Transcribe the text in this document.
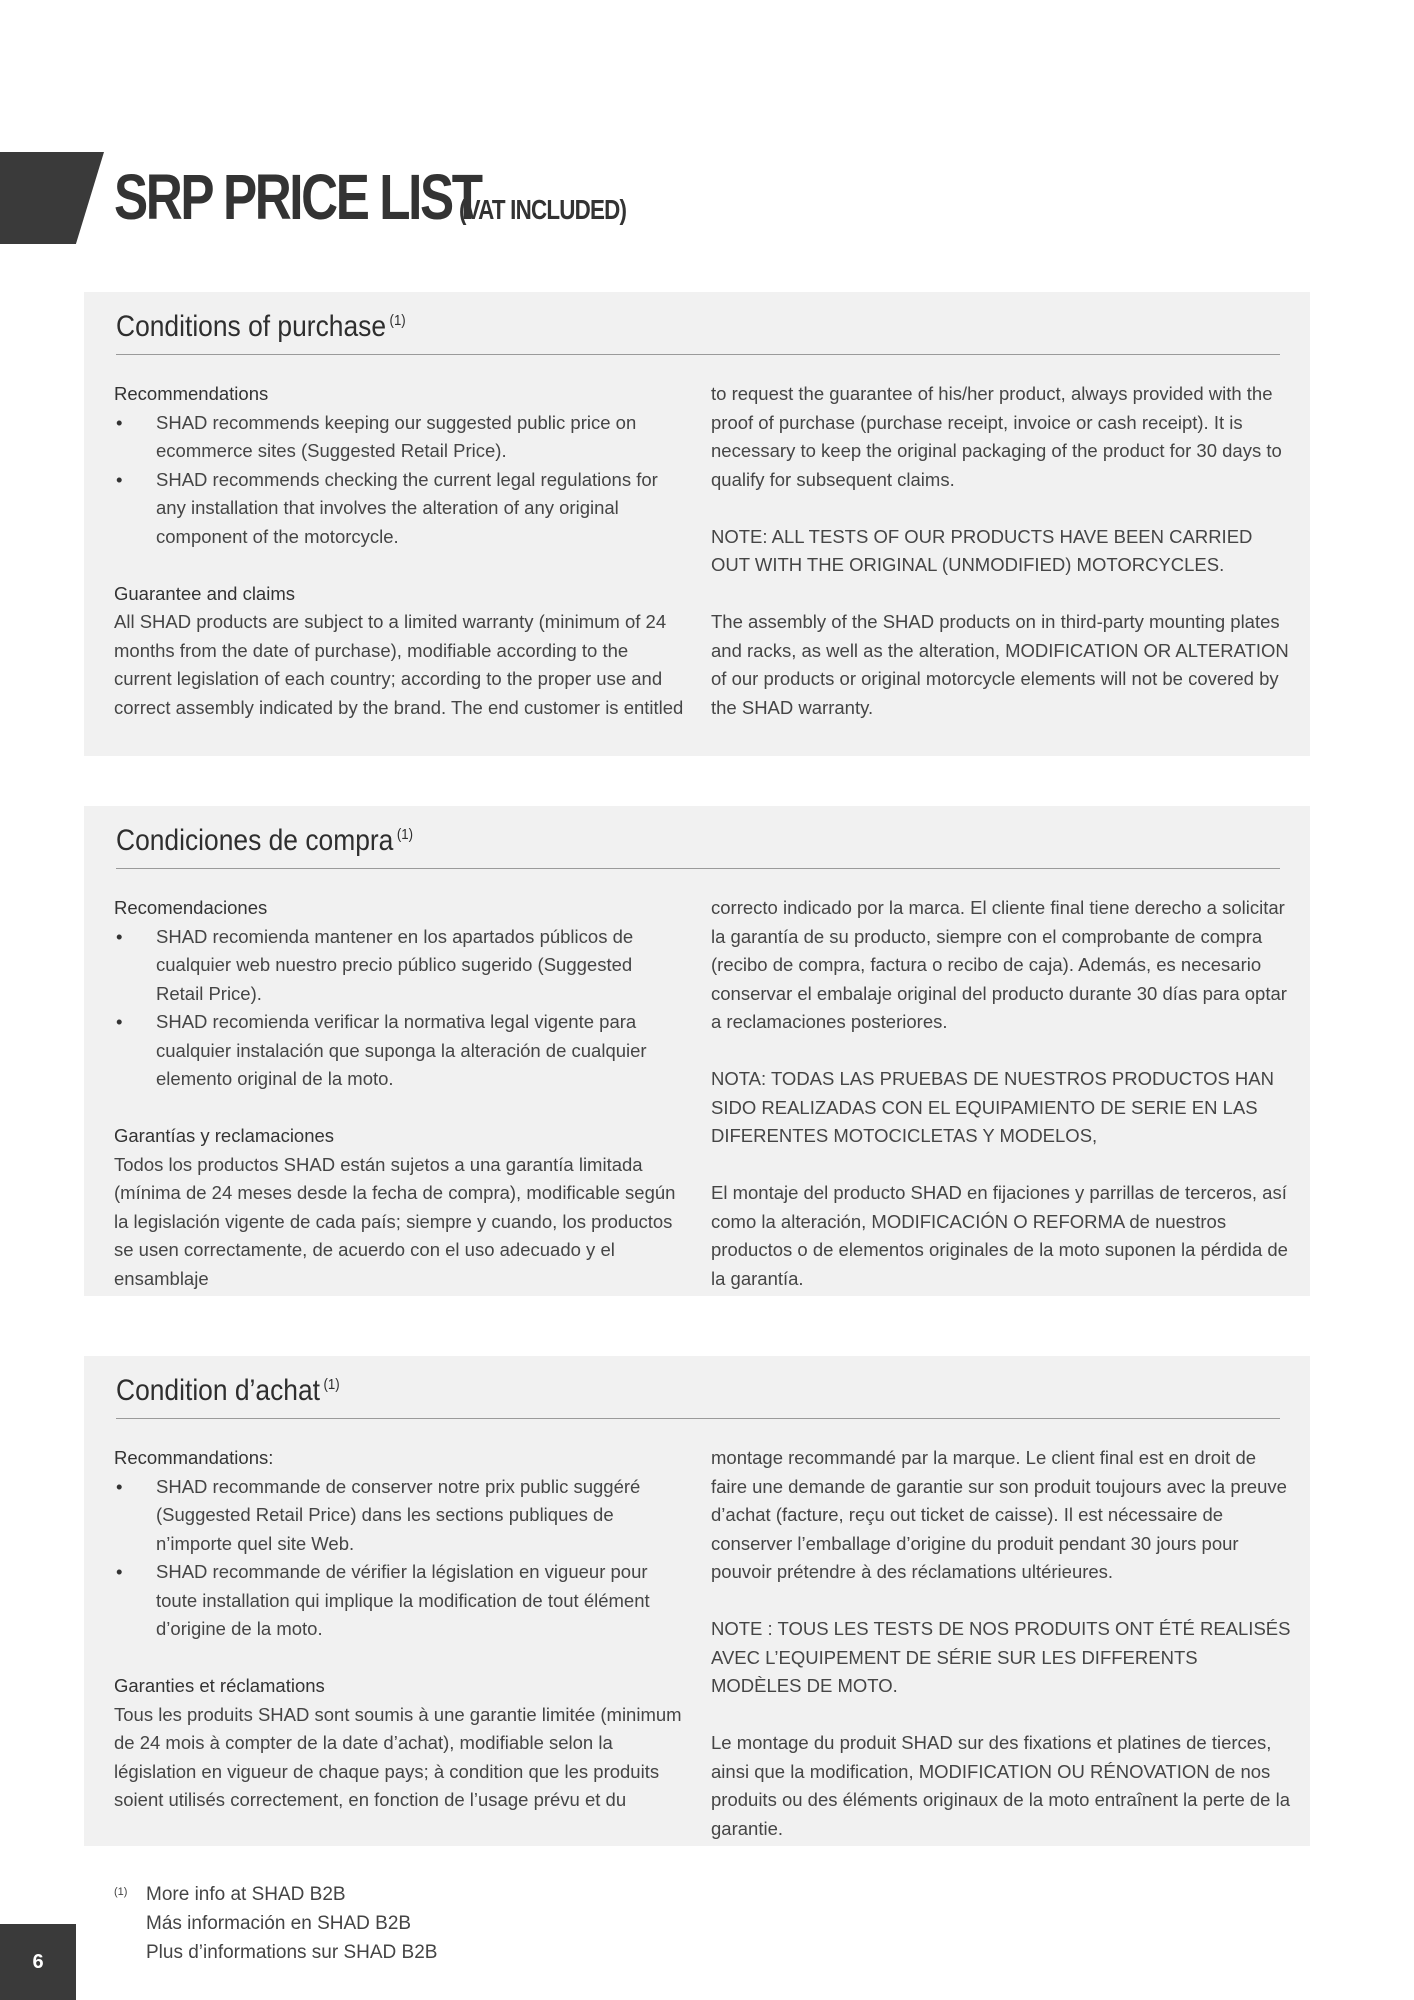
SRP PRICE LIST
(VAT INCLUDED)
Conditions of purchase $^{(1)}$

Recommendations

• SHAD recommends keeping our suggested public price on ecommerce sites (Suggested Retail Price).
• SHAD recommends checking the current legal regulations for any installation that involves the alteration of any original component of the motorcycle.

Guarantee and claims

All SHAD products are subject to a limited warranty (minimum of 24 months from the date of purchase), modifiable according to the current legislation of each country; according to the proper use and correct assembly indicated by the brand. The end customer is entitled

to request the guarantee of his/her product, always provided with the proof of purchase (purchase receipt, invoice or cash receipt). It is necessary to keep the original packaging of the product for 30 days to qualify for subsequent claims.

NOTE: ALL TESTS OF OUR PRODUCTS HAVE BEEN CARRIED OUT WITH THE ORIGINAL (UNMODIFIED) MOTORCYCLES.

The assembly of the SHAD products on in third-party mounting plates and racks, as well as the alteration, MODIFICATION OR ALTERATION of our products or original motorcycle elements will not be covered by the SHAD warranty.

Condiciones de compra $^{(1)}$

Recomendaciones

• SHAD recomienda mantener en los apartados públicos de cualquier web nuestro precio público sugerido (Suggested Retail Price).
• SHAD recomienda verificar la normativa legal vigente para cualquier instalación que suponga la alteración de cualquier elemento original de la moto.

Garantías y reclamaciones

Todos los productos SHAD están sujetos a una garantía limitada (mínima de 24 meses desde la fecha de compra), modificable según la legislación vigente de cada país; siempre y cuando, los productos se usen correctamente, de acuerdo con el uso adecuado y el ensamblaje

correcto indicado por la marca. El cliente final tiene derecho a solicitar la garantía de su producto, siempre con el comprobante de compra (recibo de compra, factura o recibo de caja). Además, es necesario conservar el embalaje original del producto durante 30 días para optar a reclamaciones posteriores.

NOTA: TODAS LAS PRUEBAS DE NUESTROS PRODUCTOS HAN SIDO REALIZADAS CON EL EQUIPAMIENTO DE SERIE EN LAS DIFERENTES MOTOCICLETAS Y MODELOS,

El montaje del producto SHAD en fijaciones y parrillas de terceros, así como la alteración, MODIFICACIÓN O REFORMA de nuestros productos o de elementos originales de la moto suponen la pérdida de la garantía.

Condition d’achat $^{(1)}$

Recommandations:

• SHAD recommande de conserver notre prix public suggéré (Suggested Retail Price) dans les sections publiques de n’importe quel site Web.
• SHAD recommande de vérifier la législation en vigueur pour toute installation qui implique la modification de tout élément d’origine de la moto.

Garanties et réclamations

Tous les produits SHAD sont soumis à une garantie limitée (minimum de 24 mois à compter de la date d’achat), modifiable selon la législation en vigueur de chaque pays; à condition que les produits soient utilisés correctement, en fonction de l’usage prévu et du

montage recommandé par la marque. Le client final est en droit de faire une demande de garantie sur son produit toujours avec la preuve d’achat (facture, reçu out ticket de caisse). Il est nécessaire de conserver l’emballage d’origine du produit pendant 30 jours pour pouvoir prétendre à des réclamations ultérieures.

NOTE : TOUS LES TESTS DE NOS PRODUITS ONT ÉTÉ REALISÉS AVEC L’EQUIPEMENT DE SÉRIE SUR LES DIFFERENTS MODÈLES DE MOTO.

Le montage du produit SHAD sur des fixations et platines de tierces, ainsi que la modification, MODIFICATION OU RÉNOVATION de nos produits ou des éléments originaux de la moto entraînent la perte de la garantie.

(1) More info at SHAD B2B
Más información en SHAD B2B
Plus d’informations sur SHAD B2B
6
